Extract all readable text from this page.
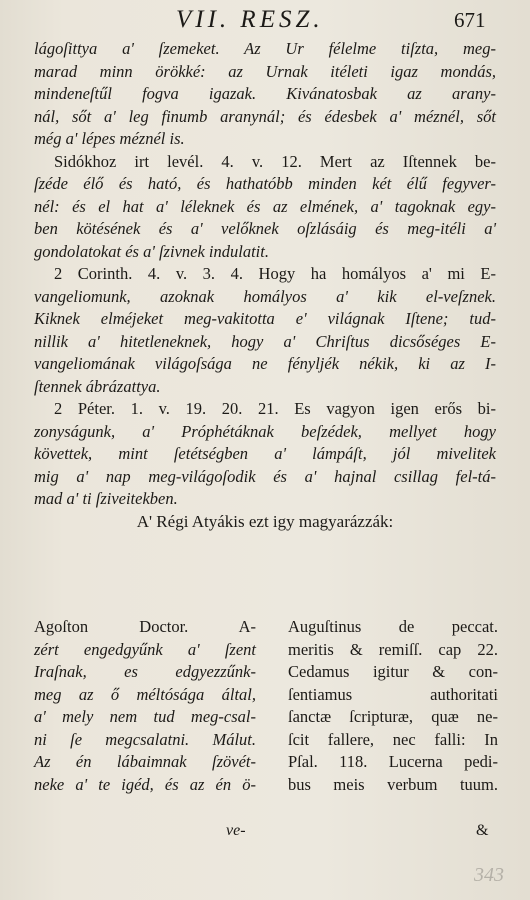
VII. RESZ.	671
lágoſittya a' ſzemeket. Az Ur félelme tiſzta, meg-
marad minn örökké: az Urnak itéleti igaz mondás,
mindeneſtűl fogva igazak. Kivánatosbak az arany-
nál, sőt a' leg finumb aranynál; és édesbek a' méznél, sőt
még a' lépes méznél is.
Sidókhoz irt levél. 4. v. 12. Mert az Iſtennek be-
ſzéde élő és ható, és hathatóbb minden két élű fegyver-
nél: és el hat a' léleknek és az elmének, a' tagoknak egy-
ben kötésének és a' velőknek oſzlásáig és meg-itéli a'
gondolatokat és a' ſzivnek indulatit.
2 Corinth. 4. v. 3. 4. Hogy ha homályos a' mi E-
vangeliomunk, azoknak homályos a' kik el-veſznek.
Kiknek elméjeket meg-vakitotta e' világnak Iſtene; tud-
nillik a' hitetleneknek, hogy a' Chriſtus dicsőséges E-
vangeliomának világoſsága ne fényljék nékik, ki az I-
ſtennek ábrázattya.
2 Péter. 1. v. 19. 20. 21. Es vagyon igen erős bi-
zonyságunk, a' Próphétáknak beſzédek, mellyet hogy
követtek, mint ſetétségben a' lámpáſt, jól mivelitek
mig a' nap meg-világoſodik és a' hajnal csillag fel-tá-
mad a' ti ſziveitekben.
A' Régi Atyákis ezt igy magyarázzák:
Agoſton Doctor. A-
zért engedgyűnk a' ſzent
Iraſnak, es edgyezzűnk-
meg az ő méltósága által,
a' mely nem tud meg-csal-
ni ſe megcsalatni. Málut.
Az én lábaimnak ſzövét-
neke a' te igéd, és az én ö-
Auguſtinus de peccat.
meritis & remiſſ. cap 22.
Cedamus igitur & con-
ſentiamus authoritati
ſanctæ ſcripturæ, quæ ne-
ſcit fallere, nec falli: In
Pſal. 118. Lucerna pedi-
bus meis verbum tuum.
ve-	&
343
